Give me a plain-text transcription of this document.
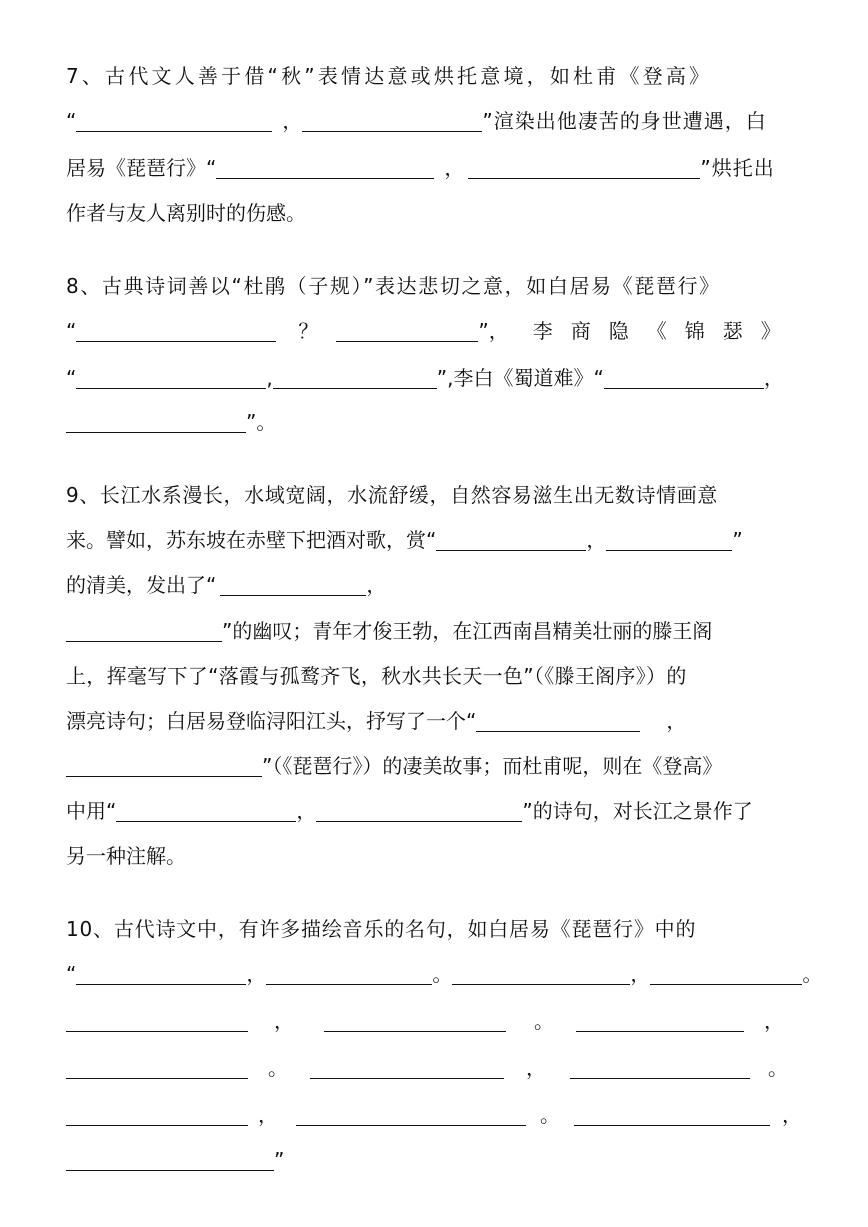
7、古代文人善于借“秋”表情达意或烘托意境，如杜甫《登高》
“	，	”渲染出他凄苦的身世遭遇，白
居易《琵琶行》“	，	”烘托出
作者与友人离别时的伤感。
8、古典诗词善以“杜鹃（子规）”表达悲切之意，如白居易《琵琶行》
“	？	”， 李商隐《锦瑟》
“	,	”,李白《蜀道难》“	，
”。
9、长江水系漫长，水域宽阔，水流舒缓，自然容易滋生出无数诗情画意
来。譬如，苏东坡在赤壁下把酒对歌，赏“	，	”
的清美，发出了“	，
”的幽叹；青年才俊王勃，在江西南昌精美壮丽的滕王阁
上，挥毫写下了“落霞与孤鹜齐飞，秋水共长天一色”（《滕王阁序》）的
漂亮诗句；白居易登临浔阳江头，抒写了一个“	，
”（《琵琶行》）的凄美故事；而杜甫呢，则在《登高》
中用“	，	”的诗句，对长江之景作了
另一种注解。
10、古代诗文中，有许多描绘音乐的名句，如白居易《琵琶行》中的
“	，	。	，	。
，	。	，
。	，	。
，	。	，
”
